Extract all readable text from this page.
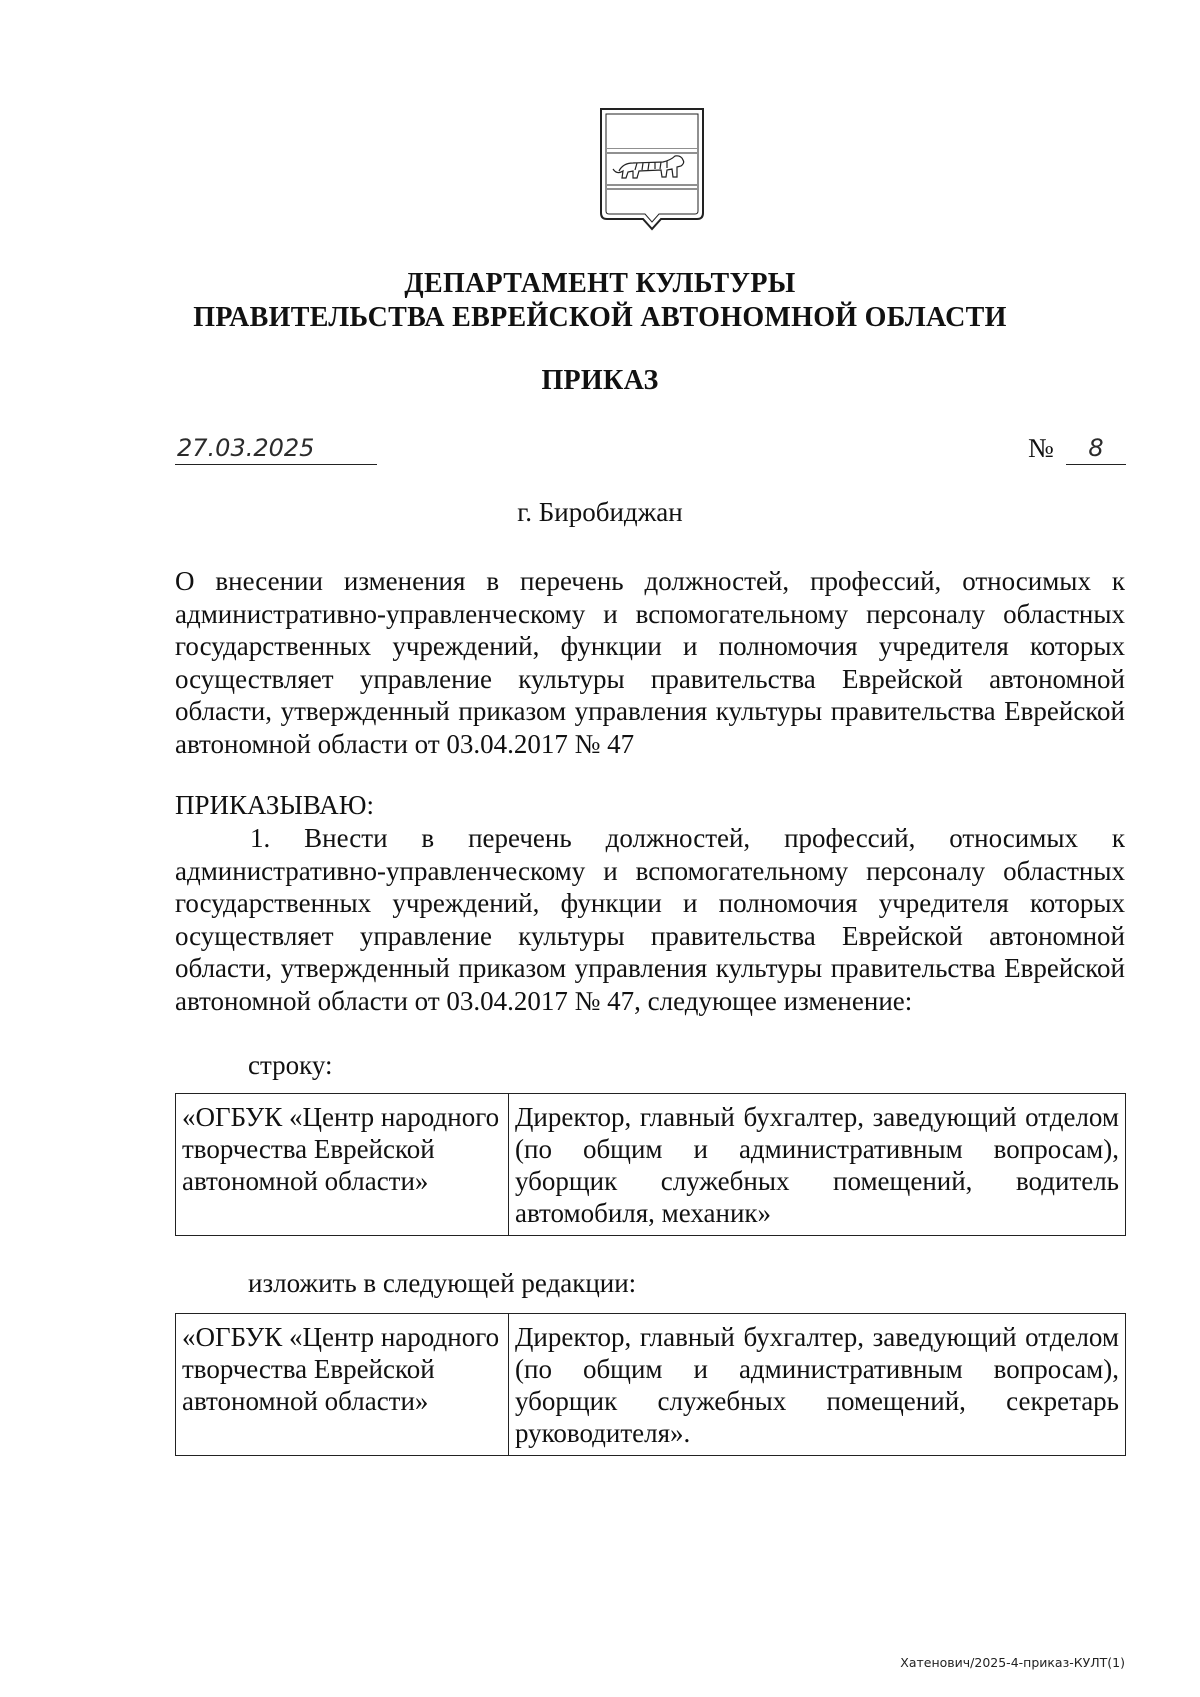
ДЕПАРТАМЕНТ КУЛЬТУРЫ
ПРАВИТЕЛЬСТВА ЕВРЕЙСКОЙ АВТОНОМНОЙ ОБЛАСТИ
ПРИКАЗ
27.03.2025	№	8
г. Биробиджан
О внесении изменения в перечень должностей, профессий, относимых к административно-управленческому и вспомогательному персоналу областных государственных учреждений, функции и полномочия учредителя которых осуществляет управление культуры правительства Еврейской автономной области, утвержденный приказом управления культуры правительства Еврейской автономной области от 03.04.2017 № 47
ПРИКАЗЫВАЮ:
1. Внести в перечень должностей, профессий, относимых к административно-управленческому и вспомогательному персоналу областных государственных учреждений, функции и полномочия учредителя которых осуществляет управление культуры правительства Еврейской автономной области, утвержденный приказом управления культуры правительства Еврейской автономной области от 03.04.2017 № 47, следующее изменение:
строку:
«ОГБУК «Центр народного творчества Еврейской автономной области»	Директор, главный бухгалтер, заведующий отделом (по общим и административным вопросам), уборщик служебных помещений, водитель автомобиля, механик»
изложить в следующей редакции:
«ОГБУК «Центр народного творчества Еврейской автономной области»	Директор, главный бухгалтер, заведующий отделом (по общим и административным вопросам), уборщик служебных помещений, секретарь руководителя».
Хатенович/2025-4-приказ-КУЛТ(1)
